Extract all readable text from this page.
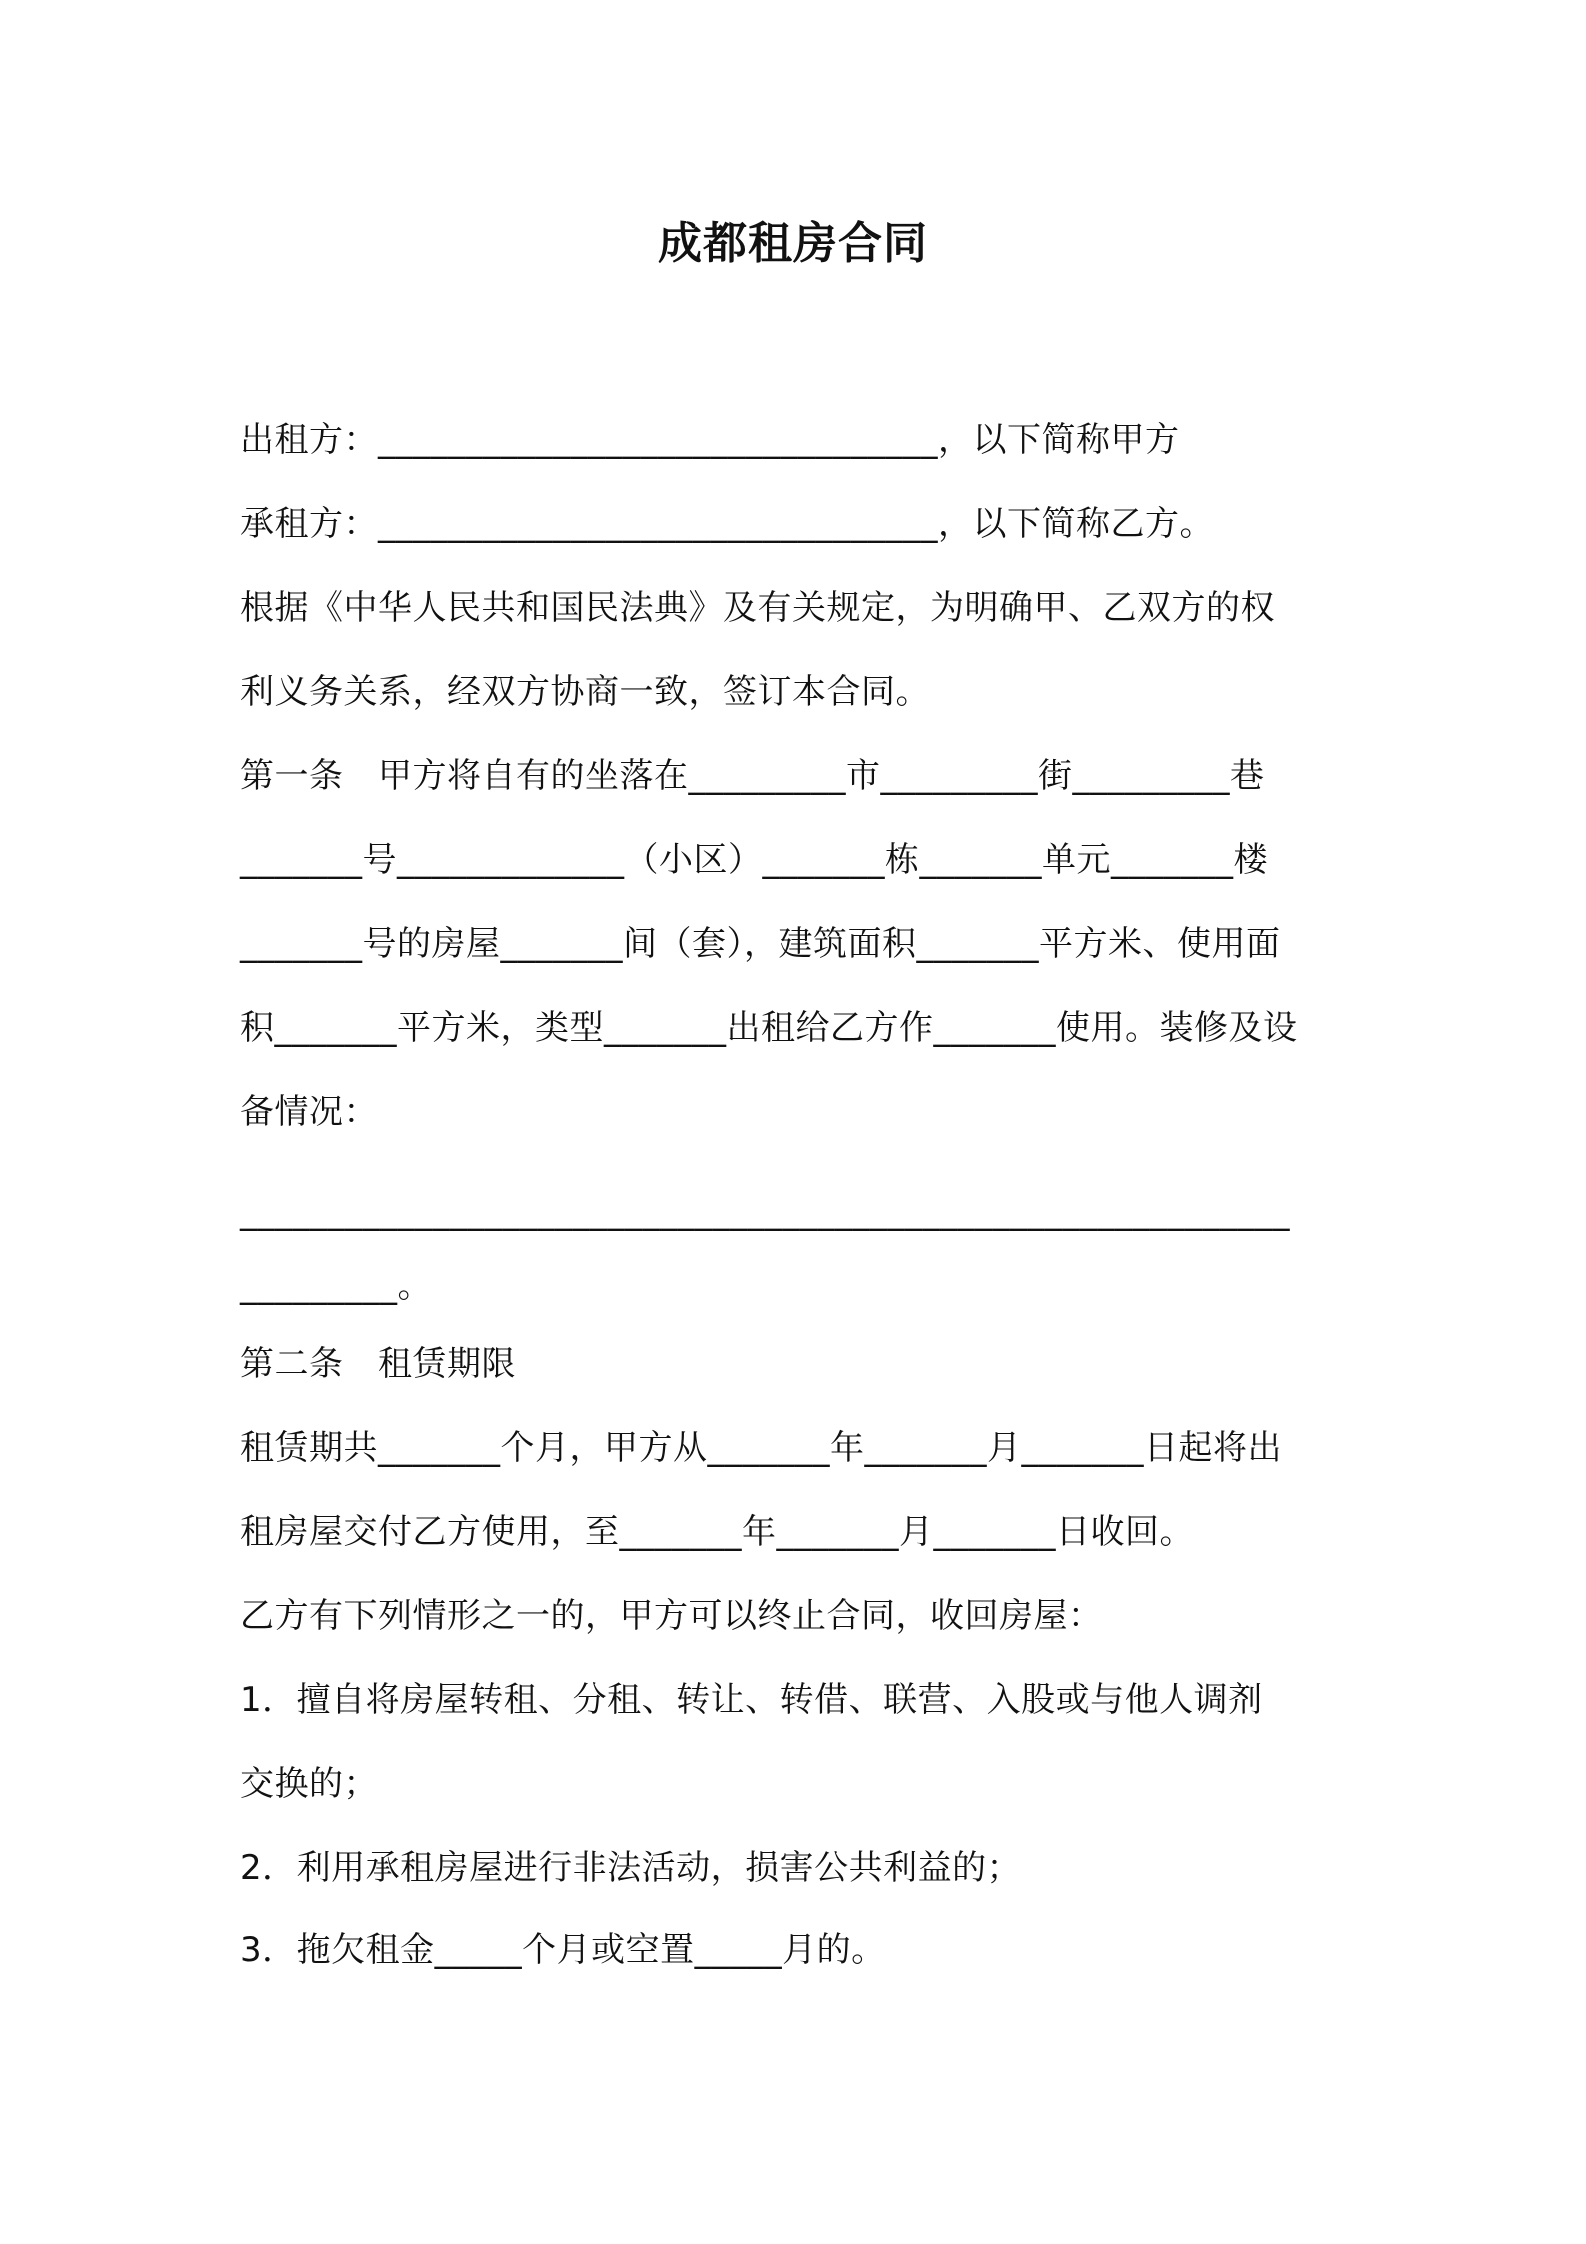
成都租房合同
出租方：________________________________，以下简称甲方
承租方：________________________________，以下简称乙方。
根据《中华人民共和国民法典》及有关规定，为明确甲、乙双方的权
利义务关系，经双方协商一致，签订本合同。
第一条　甲方将自有的坐落在_________市_________街_________巷
_______号_____________（小区）_______栋_______单元_______楼
_______号的房屋_______间（套），建筑面积_______平方米、使用面
积_______平方米，类型_______出租给乙方作_______使用。装修及设
备情况：
____________________________________________________________
_________。
第二条　租赁期限
租赁期共_______个月，甲方从_______年_______月_______日起将出
租房屋交付乙方使用，至_______年_______月_______日收回。
乙方有下列情形之一的，甲方可以终止合同，收回房屋：
1．擅自将房屋转租、分租、转让、转借、联营、入股或与他人调剂
交换的；
2．利用承租房屋进行非法活动，损害公共利益的；
3．拖欠租金_____个月或空置_____月的。
